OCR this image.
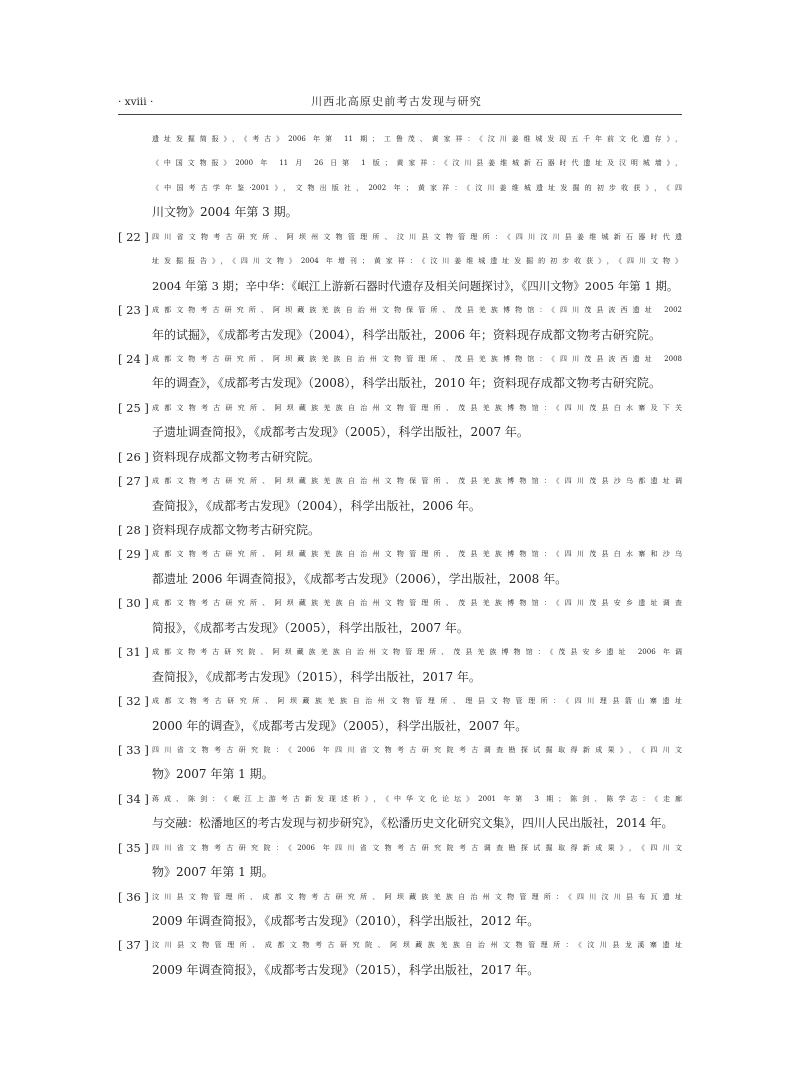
· xviii ·	川西北高原史前考古发现与研究
遗址发掘简报》，《考古》2006 年第 11 期；工鲁茂、黄家祥：《汶川姜维城发现五千年前文化遗存》，
《中国文物报》2000 年 11 月 26 日第 1 版；黄家祥：《汶川县姜维城新石器时代遗址及汉明城墙》，
《中国考古学年鉴·2001》，文物出版社，2002 年；黄家祥：《汶川姜维城遗址发掘的初步收获》，《四
川文物》2004 年第 3 期。
[ 22 ] 四川省文物考古研究所、阿坝州文物管理所、汶川县文物管理所：《四川汶川县姜维城新石器时代遗
址发掘报告》，《四川文物》2004 年增刊；黄家祥：《汶川姜维城遗址发掘的初步收获》，《四川文物》
2004 年第 3 期；辛中华：《岷江上游新石器时代遗存及相关问题探讨》，《四川文物》2005 年第 1 期。
[ 23 ] 成都文物考古研究所、阿坝藏族羌族自治州文物保管所、茂县羌族博物馆：《四川茂县波西遗址 2002
年的试掘》，《成都考古发现》（2004），科学出版社，2006 年；资料现存成都文物考古研究院。
[ 24 ] 成都文物考古研究所、阿坝藏族羌族自治州文物管理所、茂县羌族博物馆：《四川茂县波西遗址 2008
年的调查》，《成都考古发现》（2008），科学出版社，2010 年；资料现存成都文物考古研究院。
[ 25 ] 成都文物考古研究所、阿坝藏族羌族自治州文物管理所、茂县羌族博物馆：《四川茂县白水寨及下关
子遗址调查简报》，《成都考古发现》（2005），科学出版社，2007 年。
[ 26 ] 资料现存成都文物考古研究院。
[ 27 ] 成都文物考古研究所、阿坝藏族羌族自治州文物保管所、茂县羌族博物馆：《四川茂县沙乌都遗址调
查简报》，《成都考古发现》（2004），科学出版社，2006 年。
[ 28 ] 资料现存成都文物考古研究院。
[ 29 ] 成都文物考古研究所、阿坝藏族羌族自治州文物管理所、茂县羌族博物馆：《四川茂县白水寨和沙乌
都遗址 2006 年调查简报》，《成都考古发现》（2006），学出版社，2008 年。
[ 30 ] 成都文物考古研究所、阿坝藏族羌族自治州文物管理所、茂县羌族博物馆：《四川茂县安乡遗址调查
简报》，《成都考古发现》（2005），科学出版社，2007 年。
[ 31 ] 成都文物考古研究院、阿坝藏族羌族自治州文物管理所、茂县羌族博物馆：《茂县安乡遗址 2006 年调
查简报》，《成都考古发现》（2015），科学出版社，2017 年。
[ 32 ] 成都文物考古研究所、阿坝藏族羌族自治州文物管理所、理县文物管理所：《四川理县箭山寨遗址
2000 年的调查》，《成都考古发现》（2005），科学出版社，2007 年。
[ 33 ] 四川省文物考古研究院：《2006 年四川省文物考古研究院考古调查勘探试掘取得新成果》，《四川文
物》2007 年第 1 期。
[ 34 ] 蒋成、陈剑：《岷江上游考古新发现述析》，《中华文化论坛》2001 年第 3 期；陈剑、陈学志：《走廊
与交融：松潘地区的考古发现与初步研究》，《松潘历史文化研究文集》，四川人民出版社，2014 年。
[ 35 ] 四川省文物考古研究院：《2006 年四川省文物考古研究院考古调查勘探试掘取得新成果》，《四川文
物》2007 年第 1 期。
[ 36 ] 汶川县文物管理所、成都文物考古研究所、阿坝藏族羌族自治州文物管理所：《四川汶川县布瓦遗址
2009 年调查简报》，《成都考古发现》（2010），科学出版社，2012 年。
[ 37 ] 汶川县文物管理所、成都文物考古研究院、阿坝藏族羌族自治州文物管理所：《汶川县龙溪寨遗址
2009 年调查简报》，《成都考古发现》（2015），科学出版社，2017 年。
